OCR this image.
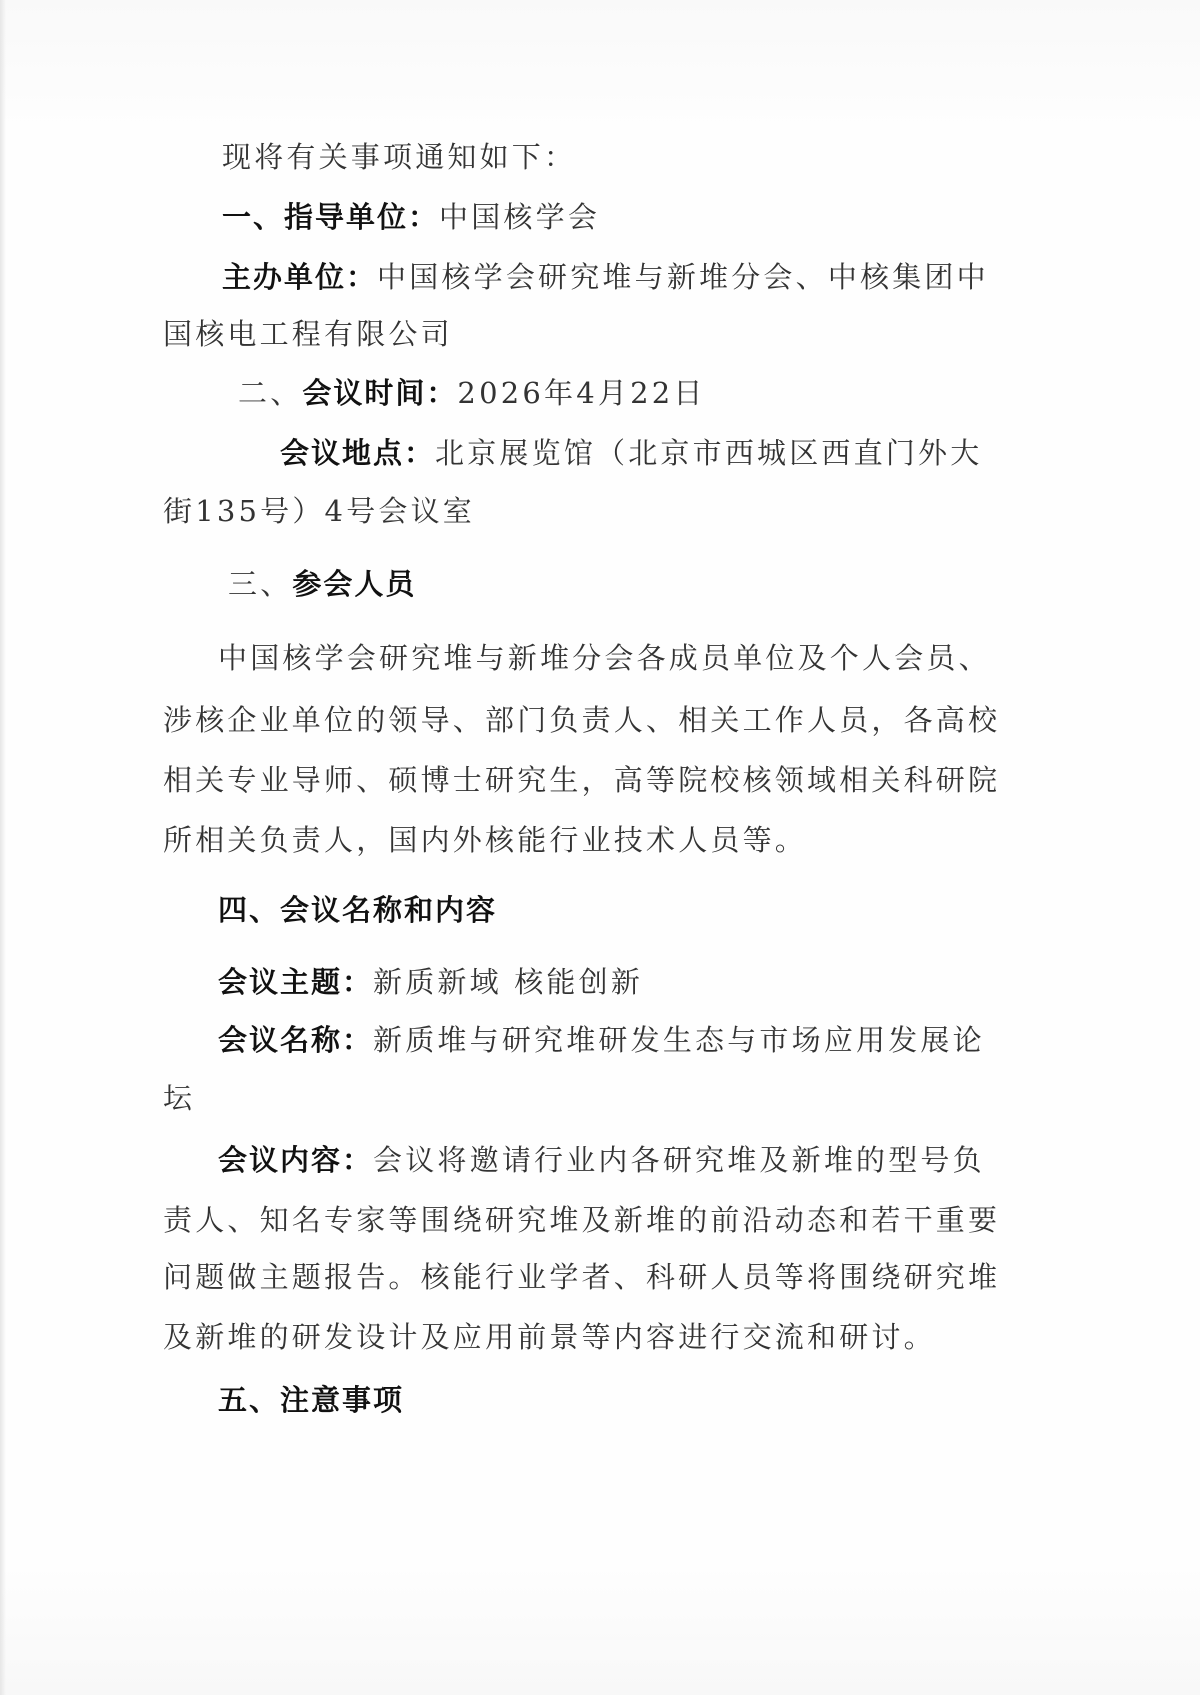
现将有关事项通知如下：
一、指导单位：中国核学会
主办单位：中国核学会研究堆与新堆分会、中核集团中
国核电工程有限公司
二、会议时间：2026年4月22日
会议地点：北京展览馆（北京市西城区西直门外大
街135号）4号会议室
三、参会人员
中国核学会研究堆与新堆分会各成员单位及个人会员、
涉核企业单位的领导、部门负责人、相关工作人员，各高校
相关专业导师、硕博士研究生，高等院校核领域相关科研院
所相关负责人，国内外核能行业技术人员等。
四、会议名称和内容
会议主题：新质新域 核能创新
会议名称：新质堆与研究堆研发生态与市场应用发展论
坛
会议内容：会议将邀请行业内各研究堆及新堆的型号负
责人、知名专家等围绕研究堆及新堆的前沿动态和若干重要
问题做主题报告。核能行业学者、科研人员等将围绕研究堆
及新堆的研发设计及应用前景等内容进行交流和研讨。
五、注意事项
